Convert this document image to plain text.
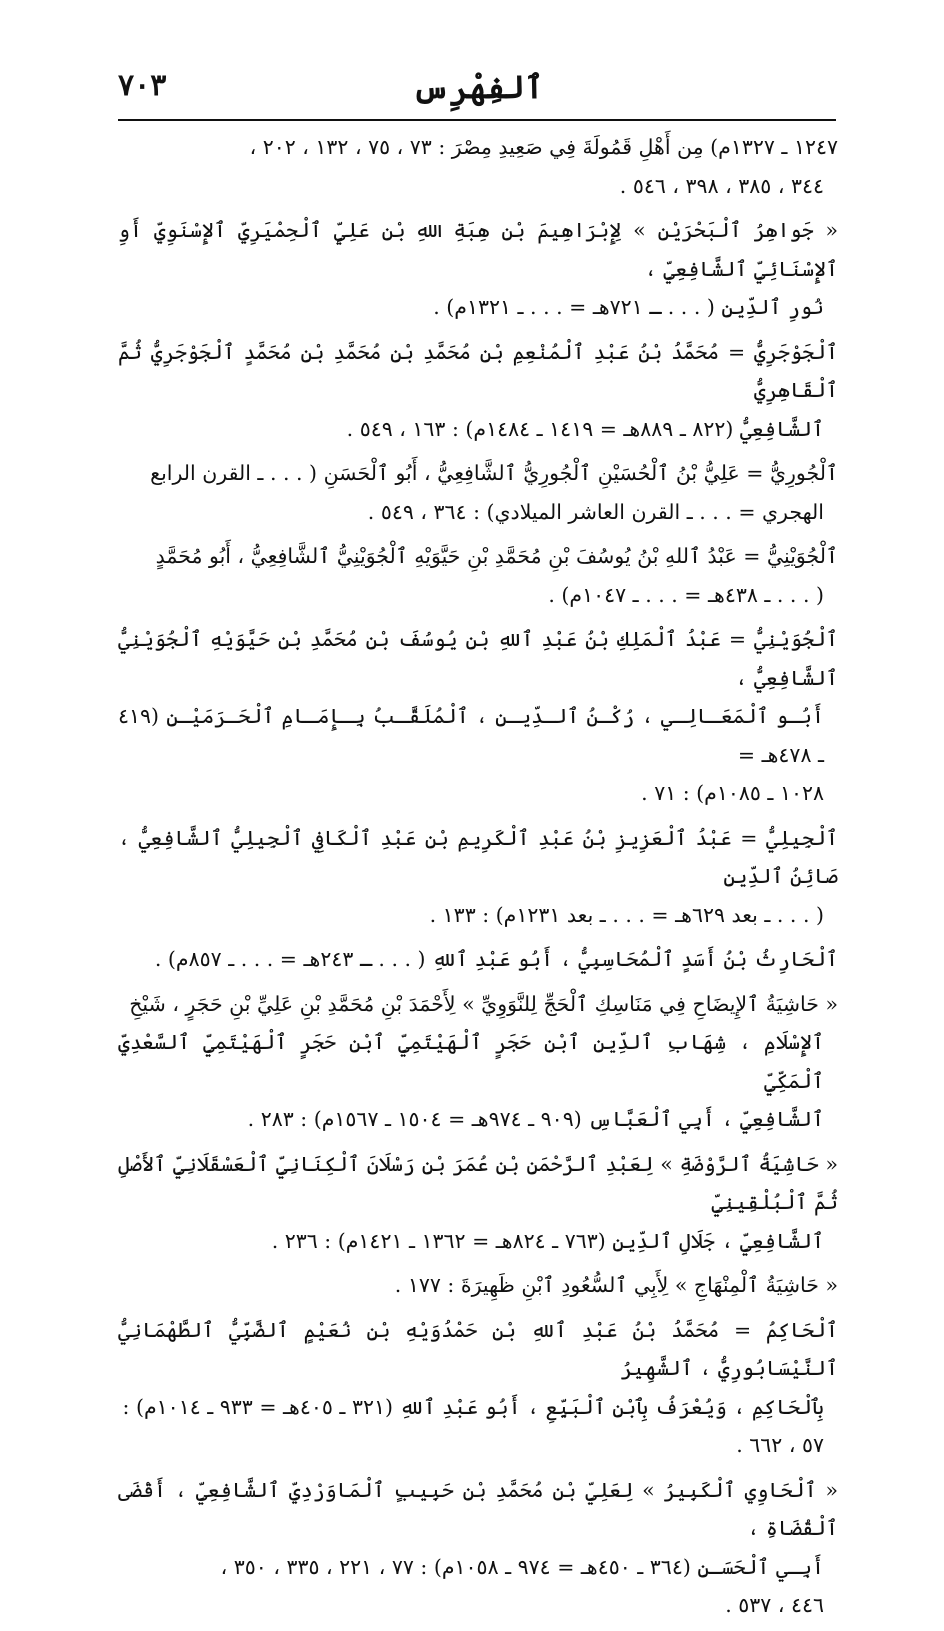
ٱلفِهْرِس
٧٠٣
١٢٤٧ ـ ١٣٢٧م) مِن أَهْلِ قَمُولَةَ فِي صَعِيدِ مِصْرَ : ٧٣ ، ٧٥ ، ١٣٢ ، ٢٠٢ ،
٣٤٤ ، ٣٨٥ ، ٣٩٨ ، ٥٤٦ .
« جَواهِرُ ٱلْبَحْرَيْنِ » لِإِبْرَاهِيمَ بْنِ هِبَةِ اللهِ بْنِ عَلِيٍّ ٱلْحِمْيَرِيِّ ٱلإِسْنَوِيِّ أَوِ ٱلإِسْنَائِيِّ ٱلشَّافِعِيِّ ،
نُورِ ٱلدِّينِ ( . . . ـ ٧٢١هـ = . . . ـ ١٣٢١م) .
ٱلْجَوْجَرِيُّ = مُحَمَّدُ بْنُ عَبْدِ ٱلْمُنْعِمِ بْنِ مُحَمَّدِ بْنِ مُحَمَّدِ بْنِ مُحَمَّدٍ ٱلْجَوْجَرِيُّ ثُمَّ ٱلْقَاهِرِيُّ
ٱلشَّافِعِيُّ (٨٢٢ ـ ٨٨٩هـ = ١٤١٩ ـ ١٤٨٤م) : ١٦٣ ، ٥٤٩ .
ٱلْجُورِيُّ = عَلِيُّ بْنُ ٱلْحُسَيْنِ ٱلْجُورِيُّ ٱلشَّافِعِيُّ ، أَبُو ٱلْحَسَنِ ( . . . ـ القرن الرابع
الهجري = . . . ـ القرن العاشر الميلادي) : ٣٦٤ ، ٥٤٩ .
ٱلْجُوَيْنِيُّ = عَبْدُ ٱللهِ بْنُ يُوسُفَ بْنِ مُحَمَّدِ بْنِ حَيَّوَيْهِ ٱلْجُوَيْنِيُّ ٱلشَّافِعِيُّ ، أَبُو مُحَمَّدٍ
( . . . ـ ٤٣٨هـ = . . . ـ ١٠٤٧م) .
ٱلْجُوَيْنِيُّ = عَبْدُ ٱلْمَلِكِ بْنُ عَبْدِ ٱللهِ بْنِ يُوسُفَ بْنِ مُحَمَّدِ بْنِ حَيَّوَيْهِ ٱلْجُوَيْنِيُّ ٱلشَّافِعِيُّ ،
أَبُـو ٱلْمَعَـالِـي ، رُكْـنُ ٱلـدِّيـنِ ، ٱلْمُلَقَّـبُ بِـإِمَـامِ ٱلْحَـرَمَيْـنِ (٤١٩ ـ ٤٧٨هـ =
١٠٢٨ ـ ١٠٨٥م) : ٧١ .
ٱلْجِيلِيُّ = عَبْدُ ٱلْعَزِيزِ بْنُ عَبْدِ ٱلْكَرِيمِ بْنِ عَبْدِ ٱلْكَافِي ٱلْجِيلِيُّ ٱلشَّافِعِيُّ ، صَائِنُ ٱلدِّينِ
( . . . ـ بعد ٦٢٩هـ = . . . ـ بعد ١٢٣١م) : ١٣٣ .
ٱلْحَارِثُ بْنُ أَسَدٍ ٱلْمُحَاسِبِيُّ ، أَبُو عَبْدِ ٱللهِ ( . . . ـ ٢٤٣هـ = . . . ـ ٨٥٧م) .
« حَاشِيَةُ ٱلإِيضَاحِ فِي مَنَاسِكِ ٱلْحَجِّ لِلنَّوَوِيِّ » لِأَحْمَدَ بْنِ مُحَمَّدِ بْنِ عَلِيِّ بْنِ حَجَرٍ ، شَيْخِ
ٱلإِسْلَامِ ، شِهَابِ ٱلدِّينِ ٱبْنِ حَجَرٍ ٱلْهَيْتَمِيِّ ٱبْنِ حَجَرٍ ٱلْهَيْتَمِيِّ ٱلسَّعْدِيِّ ٱلْمَكِّيِّ
ٱلشَّافِعِيِّ ، أَبِي ٱلْعَبَّاسِ (٩٠٩ ـ ٩٧٤هـ = ١٥٠٤ ـ ١٥٦٧م) : ٢٨٣ .
« حَاشِيَةُ ٱلرَّوْضَةِ » لِعَبْدِ ٱلرَّحْمَنِ بْنِ عُمَرَ بْنِ رَسْلَانَ ٱلْكِنَانِيِّ ٱلْعَسْقَلَانِيِّ ٱلأَصْلِ ثُمَّ ٱلْبُلْقِينِيِّ
ٱلشَّافِعِيِّ ، جَلَالِ ٱلدِّينِ (٧٦٣ ـ ٨٢٤هـ = ١٣٦٢ ـ ١٤٢١م) : ٢٣٦ .
« حَاشِيَةُ ٱلْمِنْهَاجِ » لِأَبِي ٱلسُّعُودِ ٱبْنِ ظَهِيرَةَ : ١٧٧ .
ٱلْحَاكِمُ = مُحَمَّدُ بْنُ عَبْدِ ٱللهِ بْنِ حَمْدُوَيْهِ بْنِ نُعَيْمٍ ٱلضَّبِّيُّ ٱلطَّهْمَانِيُّ ٱلنَّيْسَابُورِيُّ ، ٱلشَّهِيرُ
بِٱلْحَاكِمِ ، وَيُعْرَفُ بِٱبْنِ ٱلْبَيِّعِ ، أَبُو عَبْدِ ٱللهِ (٣٢١ ـ ٤٠٥هـ = ٩٣٣ ـ ١٠١٤م) :
٥٧ ، ٦٦٢ .
« ٱلْحَاوِي ٱلْكَبِيرُ » لِعَلِيِّ بْنِ مُحَمَّدِ بْنِ حَبِيبٍ ٱلْمَاوَرْدِيِّ ٱلشَّافِعِيِّ ، أَقْضَى ٱلْقُضَاةِ ،
أَبِـي ٱلْحَسَـنِ (٣٦٤ ـ ٤٥٠هـ = ٩٧٤ ـ ١٠٥٨م) : ٧٧ ، ٢٢١ ، ٣٣٥ ، ٣٥٠ ،
٤٤٦ ، ٥٣٧ .
